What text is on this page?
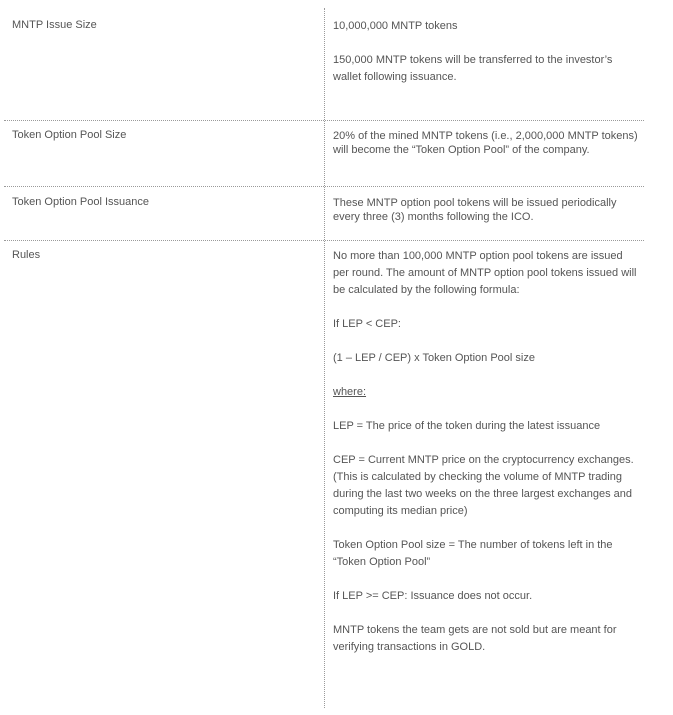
MNTP Issue Size	10,000,000 MNTP tokens

150,000 MNTP tokens will be transferred to the investor’s wallet following issuance.

Token Option Pool Size	20% of the mined MNTP tokens (i.e., 2,000,000 MNTP tokens) will become the “Token Option Pool” of the company.

Token Option Pool Issuance	These MNTP option pool tokens will be issued periodically every three (3) months following the ICO.

Rules	No more than 100,000 MNTP option pool tokens are issued per round. The amount of MNTP option pool tokens issued will be calculated by the following formula:

If LEP < CEP:

(1 – LEP / CEP) x Token Option Pool size

where:

LEP = The price of the token during the latest issuance

CEP = Current MNTP price on the cryptocurrency exchanges. (This is calculated by checking the volume of MNTP trading during the last two weeks on the three largest exchanges and computing its median price)

Token Option Pool size = The number of tokens left in the “Token Option Pool”

If LEP >= CEP: Issuance does not occur.

MNTP tokens the team gets are not sold but are meant for verifying transactions in GOLD.
